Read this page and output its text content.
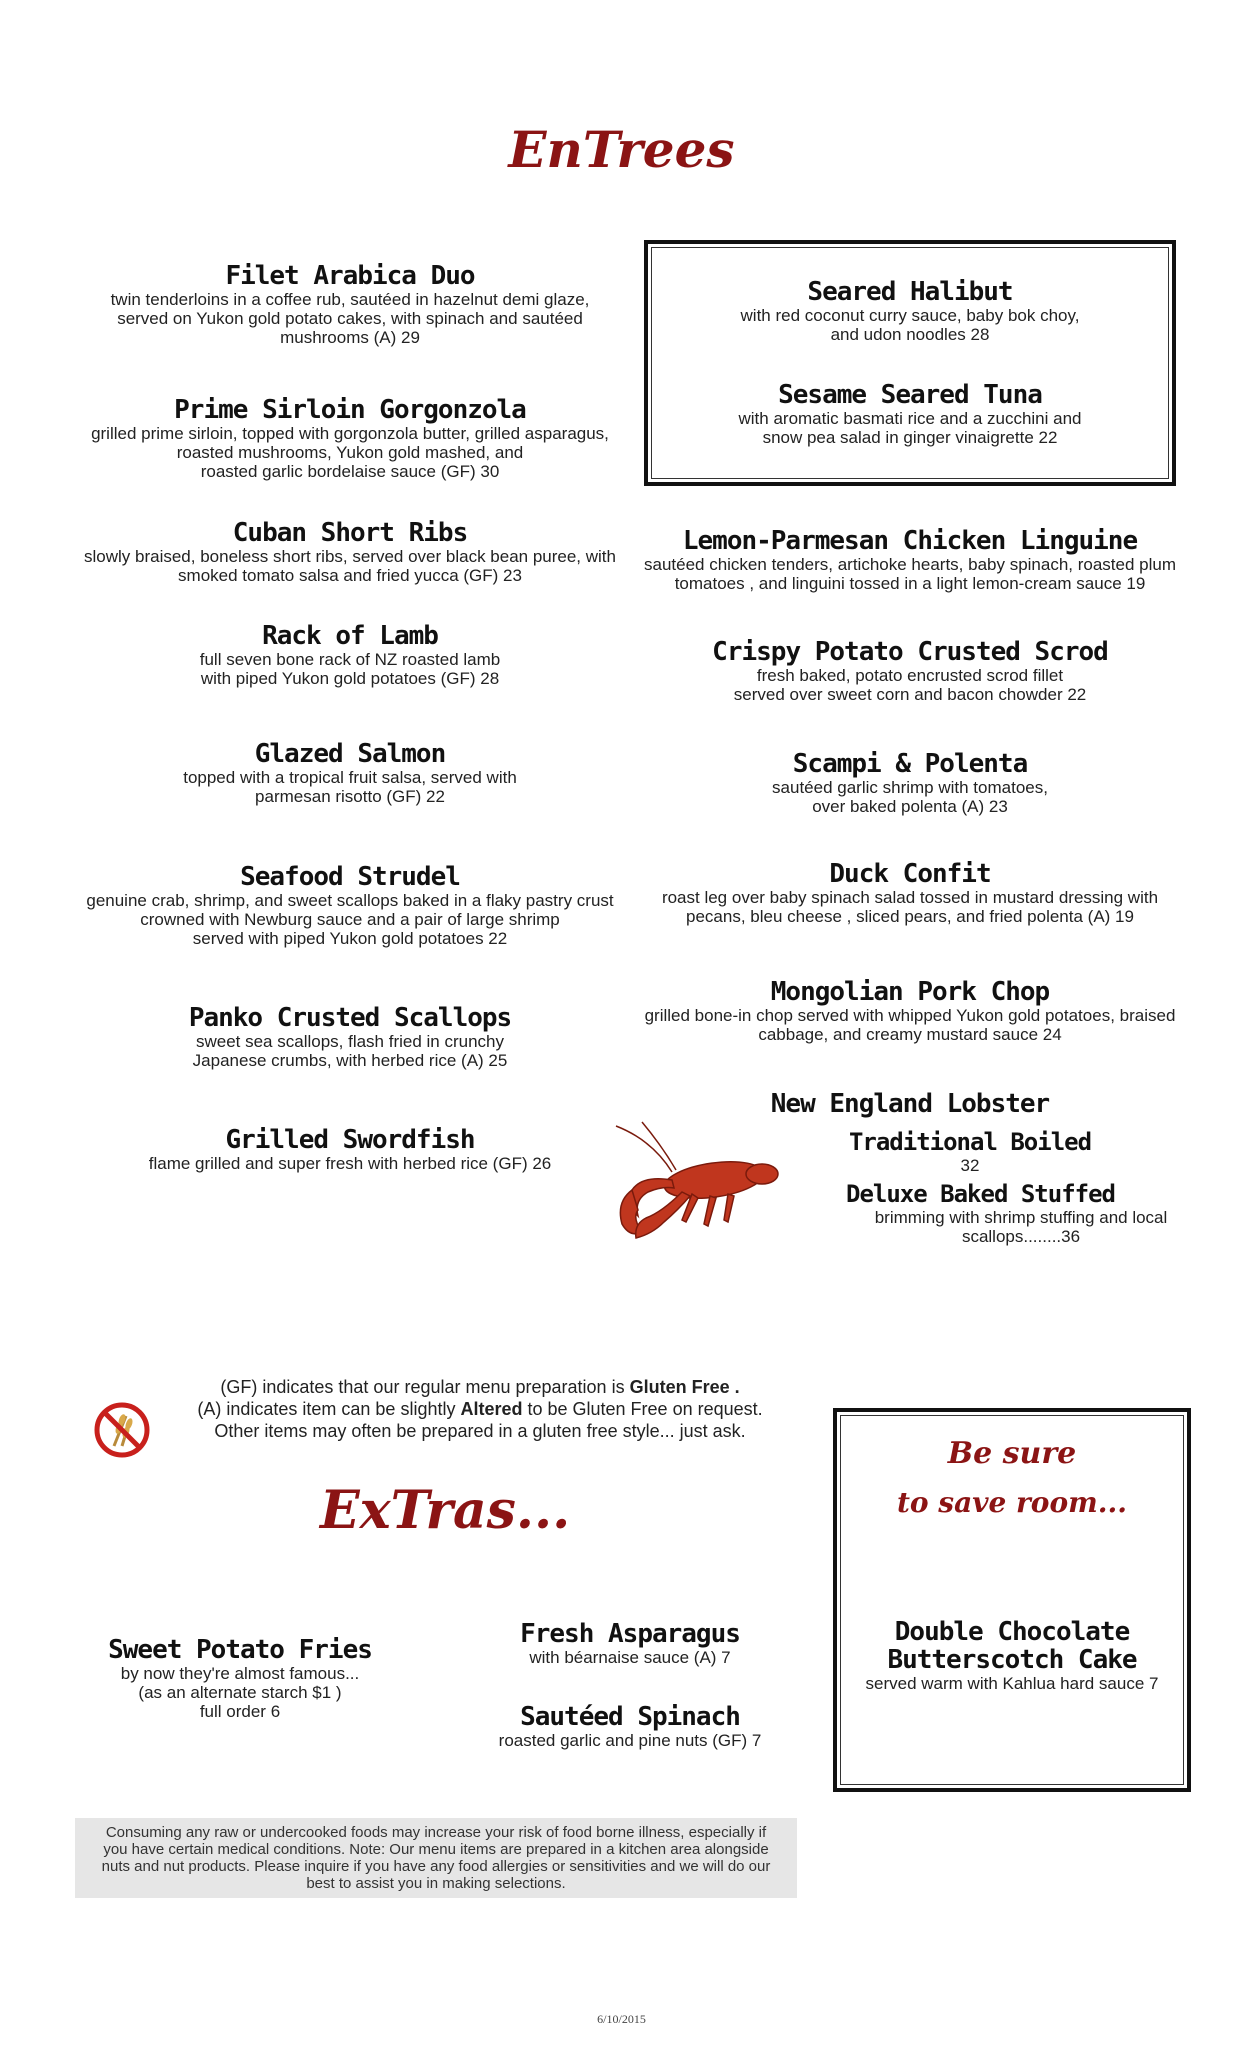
EnTrees
Filet Arabica Duo
twin tenderloins in a coffee rub, sautéed in hazelnut demi glaze,
served on Yukon gold potato cakes, with spinach and sautéed
mushrooms (A) 29
Prime Sirloin Gorgonzola
grilled prime sirloin, topped with gorgonzola butter, grilled asparagus,
roasted mushrooms, Yukon gold mashed, and
roasted garlic bordelaise sauce (GF) 30
Cuban Short Ribs
slowly braised, boneless short ribs, served over black bean puree, with
smoked tomato salsa and fried yucca (GF) 23
Rack of Lamb
full seven bone rack of NZ roasted lamb
with piped Yukon gold potatoes (GF) 28
Glazed Salmon
topped with a tropical fruit salsa, served with
parmesan risotto (GF) 22
Seafood Strudel
genuine crab, shrimp, and sweet scallops baked in a flaky pastry crust
crowned with Newburg sauce and a pair of large shrimp
served with piped Yukon gold potatoes 22
Panko Crusted Scallops
sweet sea scallops, flash fried in crunchy
Japanese crumbs, with herbed rice (A) 25
Grilled Swordfish
flame grilled and super fresh with herbed rice (GF) 26
Seared Halibut
with red coconut curry sauce, baby bok choy,
and udon noodles 28
Sesame Seared Tuna
with aromatic basmati rice and a zucchini and
snow pea salad in ginger vinaigrette 22
Lemon-Parmesan Chicken Linguine
sautéed chicken tenders, artichoke hearts, baby spinach, roasted plum
tomatoes , and linguini tossed in a light lemon-cream sauce 19
Crispy Potato Crusted Scrod
fresh baked, potato encrusted scrod fillet
served over sweet corn and bacon chowder 22
Scampi & Polenta
sautéed garlic shrimp with tomatoes,
over baked polenta (A) 23
Duck Confit
roast leg over baby spinach salad tossed in mustard dressing with
pecans, bleu cheese , sliced pears, and fried polenta (A) 19
Mongolian Pork Chop
grilled bone-in chop served with whipped Yukon gold potatoes, braised
cabbage, and creamy mustard sauce 24
New England Lobster
Traditional Boiled
32
Deluxe Baked Stuffed
brimming with shrimp stuffing and local
scallops........36
(GF) indicates that our regular menu preparation is Gluten Free .
(A) indicates item can be slightly Altered to be Gluten Free on request.
Other items may often be prepared in a gluten free style... just ask.
ExTras...
Sweet Potato Fries
by now they're almost famous...
(as an alternate starch $1 )
full order 6
Fresh Asparagus
with béarnaise sauce (A) 7
Sautéed Spinach
roasted garlic and pine nuts (GF) 7
Be sure
to save room...
Double Chocolate
Butterscotch Cake
served warm with Kahlua hard sauce 7
Consuming any raw or undercooked foods may increase your risk of food borne illness, especially if
you have certain medical conditions. Note: Our menu items are prepared in a kitchen area alongside
nuts and nut products. Please inquire if you have any food allergies or sensitivities and we will do our
best to assist you in making selections.
6/10/2015
